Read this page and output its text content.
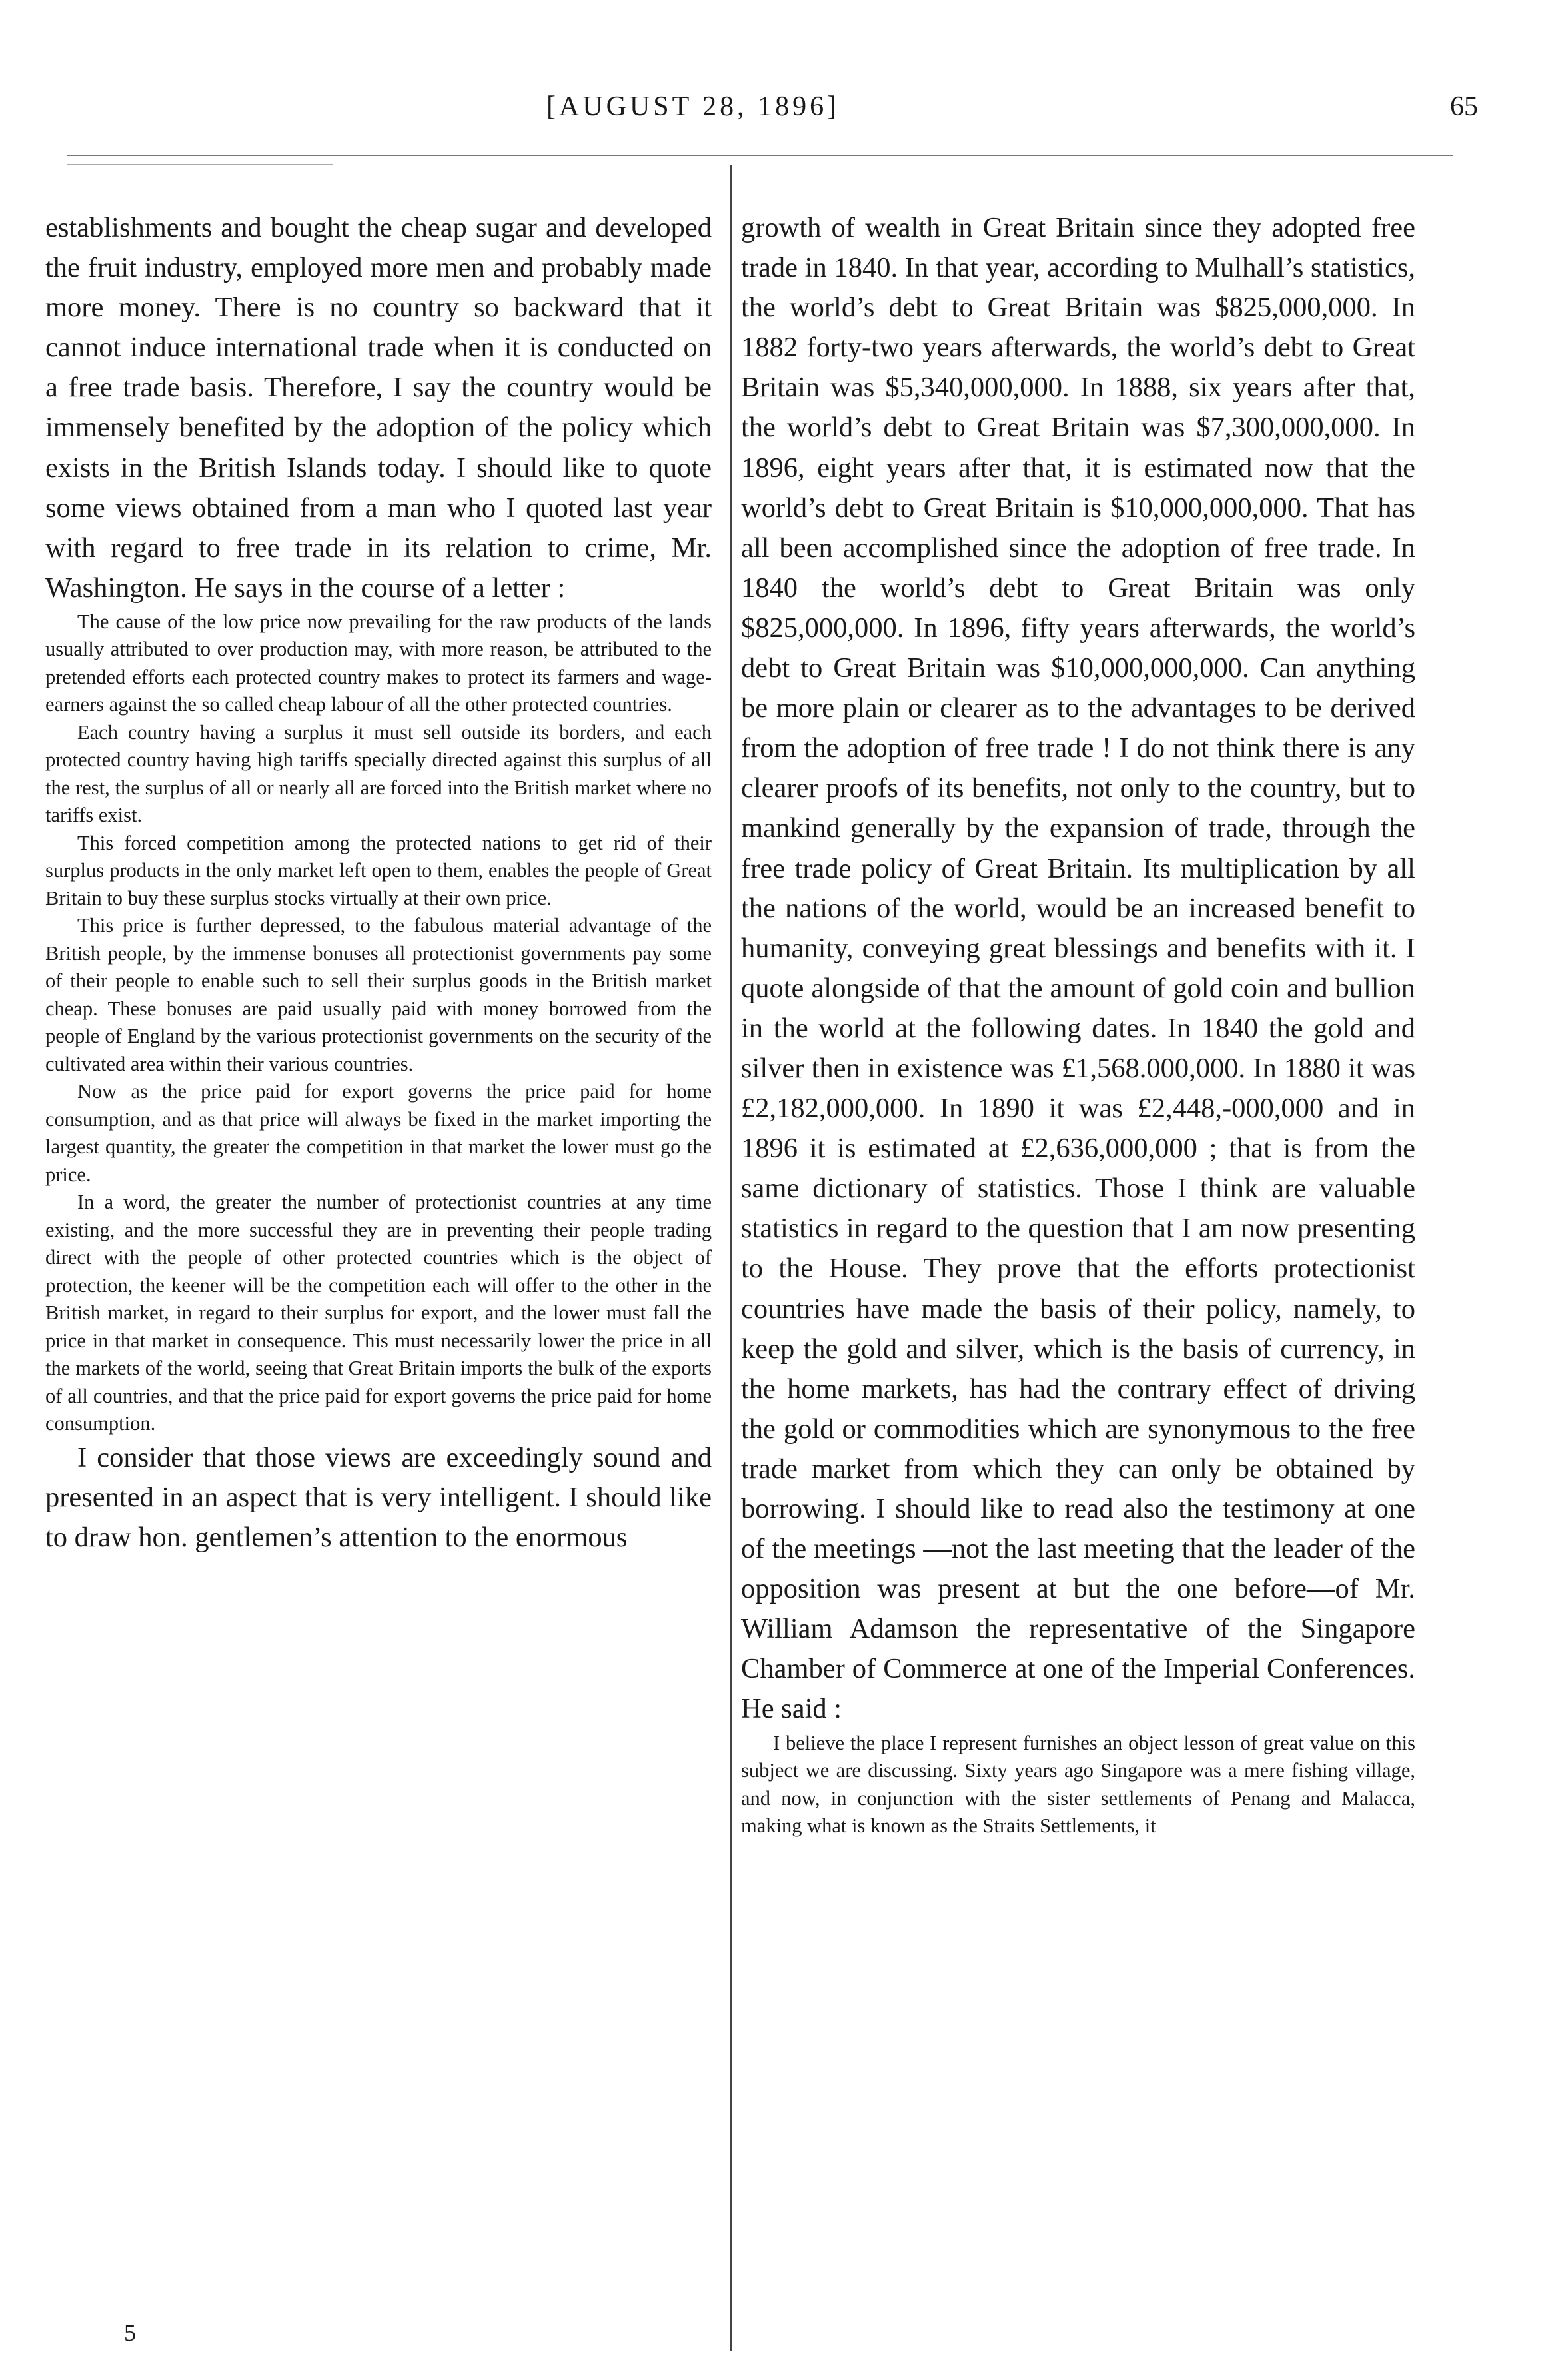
[AUGUST 28, 1896]	65

establishments and bought the cheap sugar and developed the fruit industry, employed more men and probably made more money. There is no country so backward that it cannot induce international trade when it is conducted on a free trade basis. Therefore, I say the country would be immensely benefited by the adoption of the policy which exists in the British Islands today. I should like to quote some views obtained from a man who I quoted last year with regard to free trade in its relation to crime, Mr. Washington. He says in the course of a letter :

The cause of the low price now prevailing for the raw products of the lands usually attributed to over production may, with more reason, be attributed to the pretended efforts each protected country makes to protect its farmers and wage-earners against the so called cheap labour of all the other protected countries.

Each country having a surplus it must sell outside its borders, and each protected country having high tariffs specially directed against this surplus of all the rest, the surplus of all or nearly all are forced into the British market where no tariffs exist.

This forced competition among the protected nations to get rid of their surplus products in the only market left open to them, enables the people of Great Britain to buy these surplus stocks virtually at their own price.

This price is further depressed, to the fabulous material advantage of the British people, by the immense bonuses all protectionist governments pay some of their people to enable such to sell their surplus goods in the British market cheap. These bonuses are paid usually paid with money borrowed from the people of England by the various protectionist governments on the security of the cultivated area within their various countries.

Now as the price paid for export governs the price paid for home consumption, and as that price will always be fixed in the market importing the largest quantity, the greater the competition in that market the lower must go the price.

In a word, the greater the number of protectionist countries at any time existing, and the more successful they are in preventing their people trading direct with the people of other protected countries which is the object of protection, the keener will be the competition each will offer to the other in the British market, in regard to their surplus for export, and the lower must fall the price in that market in consequence. This must necessarily lower the price in all the markets of the world, seeing that Great Britain imports the bulk of the exports of all countries, and that the price paid for export governs the price paid for home consumption.

I consider that those views are exceedingly sound and presented in an aspect that is very intelligent. I should like to draw hon. gentlemen’s attention to the enormous

growth of wealth in Great Britain since they adopted free trade in 1840. In that year, according to Mulhall’s statistics, the world’s debt to Great Britain was $825,000,000. In 1882 forty-two years afterwards, the world’s debt to Great Britain was $5,340,000,000. In 1888, six years after that, the world’s debt to Great Britain was $7,300,000,000. In 1896, eight years after that, it is estimated now that the world’s debt to Great Britain is $10,000,000,000. That has all been accomplished since the adoption of free trade. In 1840 the world’s debt to Great Britain was only $825,000,000. In 1896, fifty years afterwards, the world’s debt to Great Britain was $10,000,000,000. Can anything be more plain or clearer as to the advantages to be derived from the adoption of free trade ! I do not think there is any clearer proofs of its benefits, not only to the country, but to mankind generally by the expansion of trade, through the free trade policy of Great Britain. Its multiplication by all the nations of the world, would be an increased benefit to humanity, conveying great blessings and benefits with it. I quote alongside of that the amount of gold coin and bullion in the world at the following dates. In 1840 the gold and silver then in existence was £1,568.000,000. In 1880 it was £2,182,000,000. In 1890 it was £2,448,-000,000 and in 1896 it is estimated at £2,636,000,000 ; that is from the same dictionary of statistics. Those I think are valuable statistics in regard to the question that I am now presenting to the House. They prove that the efforts protectionist countries have made the basis of their policy, namely, to keep the gold and silver, which is the basis of currency, in the home markets, has had the contrary effect of driving the gold or commodities which are synonymous to the free trade market from which they can only be obtained by borrowing. I should like to read also the testimony at one of the meetings —not the last meeting that the leader of the opposition was present at but the one before—of Mr. William Adamson the representative of the Singapore Chamber of Commerce at one of the Imperial Conferences. He said :

I believe the place I represent furnishes an object lesson of great value on this subject we are discussing. Sixty years ago Singapore was a mere fishing village, and now, in conjunction with the sister settlements of Penang and Malacca, making what is known as the Straits Settlements, it

5
